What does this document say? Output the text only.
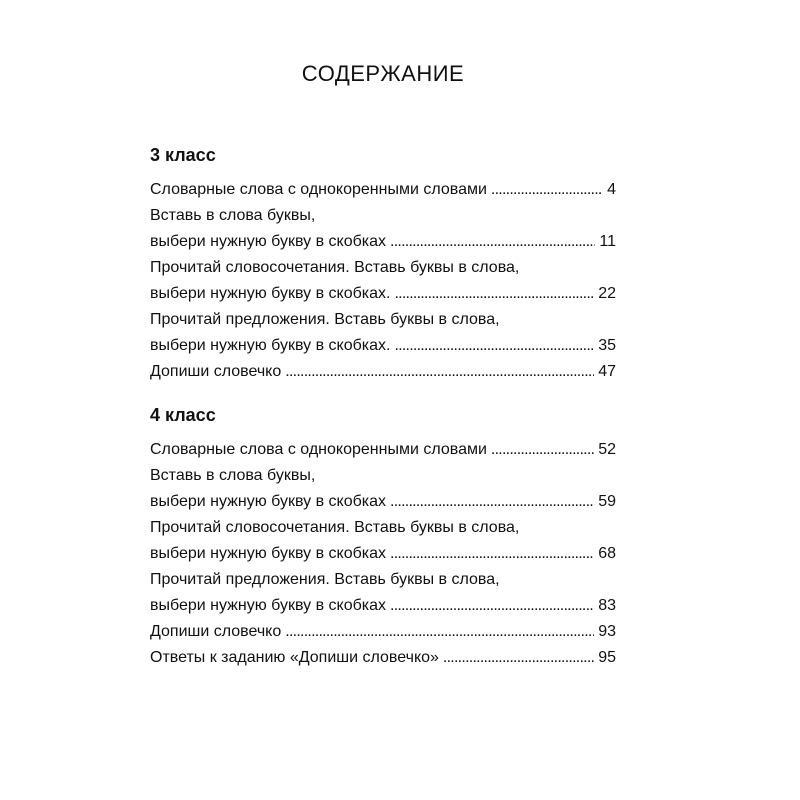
СОДЕРЖАНИЕ
3 класс
Словарные слова с однокоренными словами . . .	4
Вставь в слова буквы,
выбери нужную букву в скобках . . .	11
Прочитай словосочетания. Вставь буквы в слова,
выбери нужную букву в скобках. . . .	22
Прочитай предложения. Вставь буквы в слова,
выбери нужную букву в скобках. . . .	35
Допиши словечко . . .	47
4 класс
Словарные слова с однокоренными словами . . .	52
Вставь в слова буквы,
выбери нужную букву в скобках . . .	59
Прочитай словосочетания. Вставь буквы в слова,
выбери нужную букву в скобках . . .	68
Прочитай предложения. Вставь буквы в слова,
выбери нужную букву в скобках . . .	83
Допиши словечко . . .	93
Ответы к заданию «Допиши словечко» . . .	95
